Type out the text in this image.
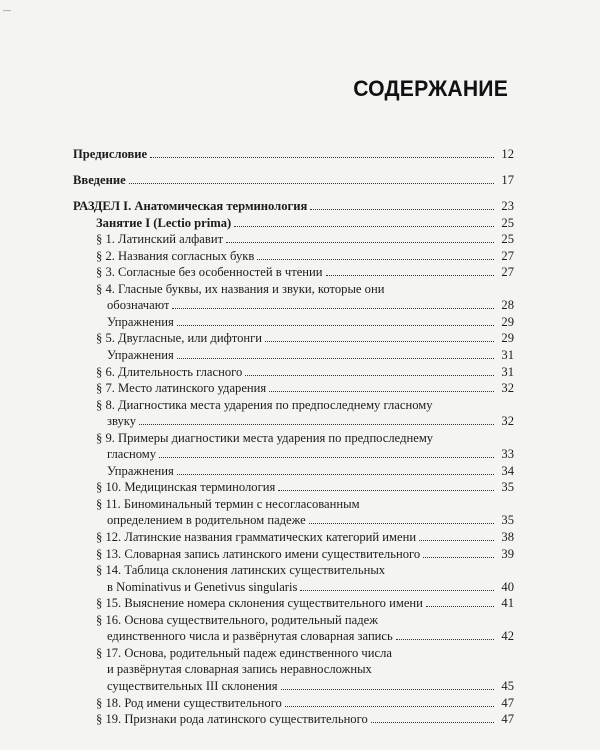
—
СОДЕРЖАНИЕ
Предисловие	12
Введение	17
РАЗДЕЛ I. Анатомическая терминология	23
Занятие I (Lectio prima)	25
§ 1. Латинский алфавит	25
§ 2. Названия согласных букв	27
§ 3. Согласные без особенностей в чтении	27
§ 4. Гласные буквы, их названия и звуки, которые они
обозначают	28
Упражнения	29
§ 5. Двугласные, или дифтонги	29
Упражнения	31
§ 6. Длительность гласного	31
§ 7. Место латинского ударения	32
§ 8. Диагностика места ударения по предпоследнему гласному
звуку	32
§ 9. Примеры диагностики места ударения по предпоследнему
гласному	33
Упражнения	34
§ 10. Медицинская терминология	35
§ 11. Биноминальный термин с несогласованным
определением в родительном падеже	35
§ 12. Латинские названия грамматических категорий имени	38
§ 13. Словарная запись латинского имени существительного	39
§ 14. Таблица склонения латинских существительных
в Nominativus и Genetivus singularis	40
§ 15. Выяснение номера склонения существительного имени	41
§ 16. Основа существительного, родительный падеж
единственного числа и развёрнутая словарная запись	42
§ 17. Основа, родительный падеж единственного числа
и развёрнутая словарная запись неравносложных
существительных III склонения	45
§ 18. Род имени существительного	47
§ 19. Признаки рода латинского существительного	47
